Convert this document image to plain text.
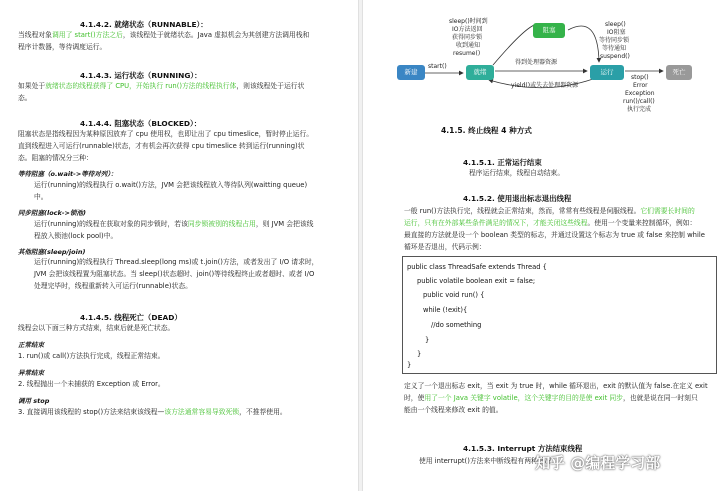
4.1.4.2. 就绪状态（RUNNABLE）：
当线程对象调用了 start()方法之后，该线程处于就绪状态。Java 虚拟机会为其创建方法调用栈和
程序计数器，等待调度运行。
4.1.4.3. 运行状态（RUNNING）：
如果处于就绪状态的线程获得了 CPU，开始执行 run()方法的线程执行体，则该线程处于运行状
态。
4.1.4.4. 阻塞状态（BLOCKED）：
阻塞状态是指线程因为某种原因放弃了 cpu 使用权，也即让出了 cpu timeslice，暂时停止运行。
直到线程进入可运行(runnable)状态，才有机会再次获得 cpu timeslice 转到运行(running)状
态。阻塞的情况分三种：
等待阻塞（o.wait->等待对列）：
运行(running)的线程执行 o.wait()方法，JVM 会把该线程放入等待队列(waitting queue)
中。
同步阻塞(lock->锁池)
运行(running)的线程在获取对象的同步锁时，若该同步锁被别的线程占用，则 JVM 会把该线
程放入锁池(lock pool)中。
其他阻塞(sleep/join)
运行(running)的线程执行 Thread.sleep(long ms)或 t.join()方法，或者发出了 I/O 请求时，
JVM 会把该线程置为阻塞状态。当 sleep()状态超时、join()等待线程终止或者超时、或者 I/O
处理完毕时，线程重新转入可运行(runnable)状态。
4.1.4.5. 线程死亡（DEAD）
线程会以下面三种方式结束，结束后就是死亡状态。
正常结束
1. run()或 call()方法执行完成，线程正常结束。
异常结束
2. 线程抛出一个未捕获的 Exception 或 Error。
调用 stop
3. 直接调用该线程的 stop()方法来结束该线程—该方法通常容易导致死锁，不推荐使用。
新建	就绪
阻塞
运行	死亡
start()
sleep()时间到
IO方法返回
获得同步锁
收到通知
resume()
sleep()
IO阻塞
等待同步锁
等待通知
suspend()
得到处理器资源
yield()或失去处理器资源
stop()
Error
Exception
run()/call()
执行完成
4.1.5. 终止线程 4 种方式
4.1.5.1. 正常运行结束
程序运行结束，线程自动结束。
4.1.5.2. 使用退出标志退出线程
一般 run()方法执行完，线程就会正常结束，然而，常常有些线程是伺服线程。它们需要长时间的
运行，只有在外部某些条件满足的情况下，才能关闭这些线程。使用一个变量来控制循环，例如：
最直接的方法就是设一个 boolean 类型的标志，并通过设置这个标志为 true 或 false 来控制 while
循环是否退出，代码示例：
public class ThreadSafe extends Thread {
public volatile boolean exit = false;
public void run() {
while (!exit){
//do something
}
}
}
定义了一个退出标志 exit，当 exit 为 true 时，while 循环退出，exit 的默认值为 false.在定义 exit
时，使用了一个 Java 关键字 volatile，这个关键字的目的是使 exit 同步，也就是说在同一时刻只
能由一个线程来修改 exit 的值。
4.1.5.3. Interrupt 方法结束线程
使用 interrupt()方法来中断线程有两种情况：
知乎 @编程学习部
